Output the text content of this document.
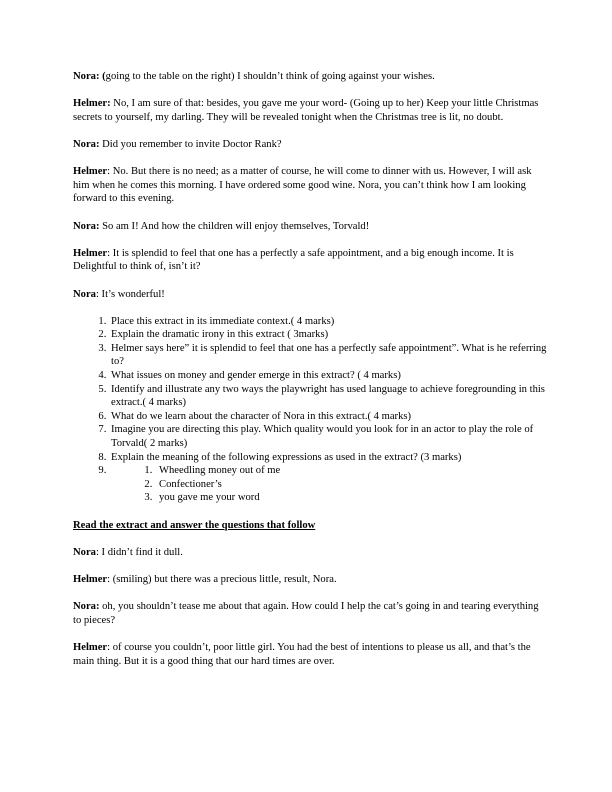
Nora: (going to the table on the right) I shouldn’t think of going against your wishes.

Helmer: No, I am sure of that: besides, you gave me your word- (Going up to her) Keep your little Christmas secrets to yourself, my darling. They will be revealed tonight when the Christmas tree is lit, no doubt.

Nora: Did you remember to invite Doctor Rank?

Helmer: No. But there is no need; as a matter of course, he will come to dinner with us. However, I will ask him when he comes this morning. I have ordered some good wine. Nora, you can’t think how I am looking forward to this evening.

Nora: So am I! And how the children will enjoy themselves, Torvald!

Helmer: It is splendid to feel that one has a perfectly a safe appointment, and a big enough income. It is Delightful to think of, isn’t it?

Nora: It’s wonderful!

1. Place this extract in its immediate context.( 4 marks)
2. Explain the dramatic irony in this extract ( 3marks)
3. Helmer says here” it is splendid to feel that one has a perfectly safe appointment”. What is he referring to?
4. What issues on money and gender emerge in this extract? ( 4 marks)
5. Identify and illustrate any two ways the playwright has used language to achieve foregrounding in this extract.( 4 marks)
6. What do we learn about the character of Nora in this extract.( 4 marks)
7. Imagine you are directing this play. Which quality would you look for in an actor to play the role of Torvald( 2 marks)
8. Explain the meaning of the following expressions as used in the extract? (3 marks)
1. 9. Wheedling money out of me
2. Confectioner’s
3. you gave me your word

Read the extract and answer the questions that follow

Nora: I didn’t find it dull.

Helmer: (smiling) but there was a precious little, result, Nora.

Nora: oh, you shouldn’t tease me about that again. How could I help the cat’s going in and tearing everything to pieces?

Helmer: of course you couldn’t, poor little girl. You had the best of intentions to please us all, and that’s the main thing. But it is a good thing that our hard times are over.
